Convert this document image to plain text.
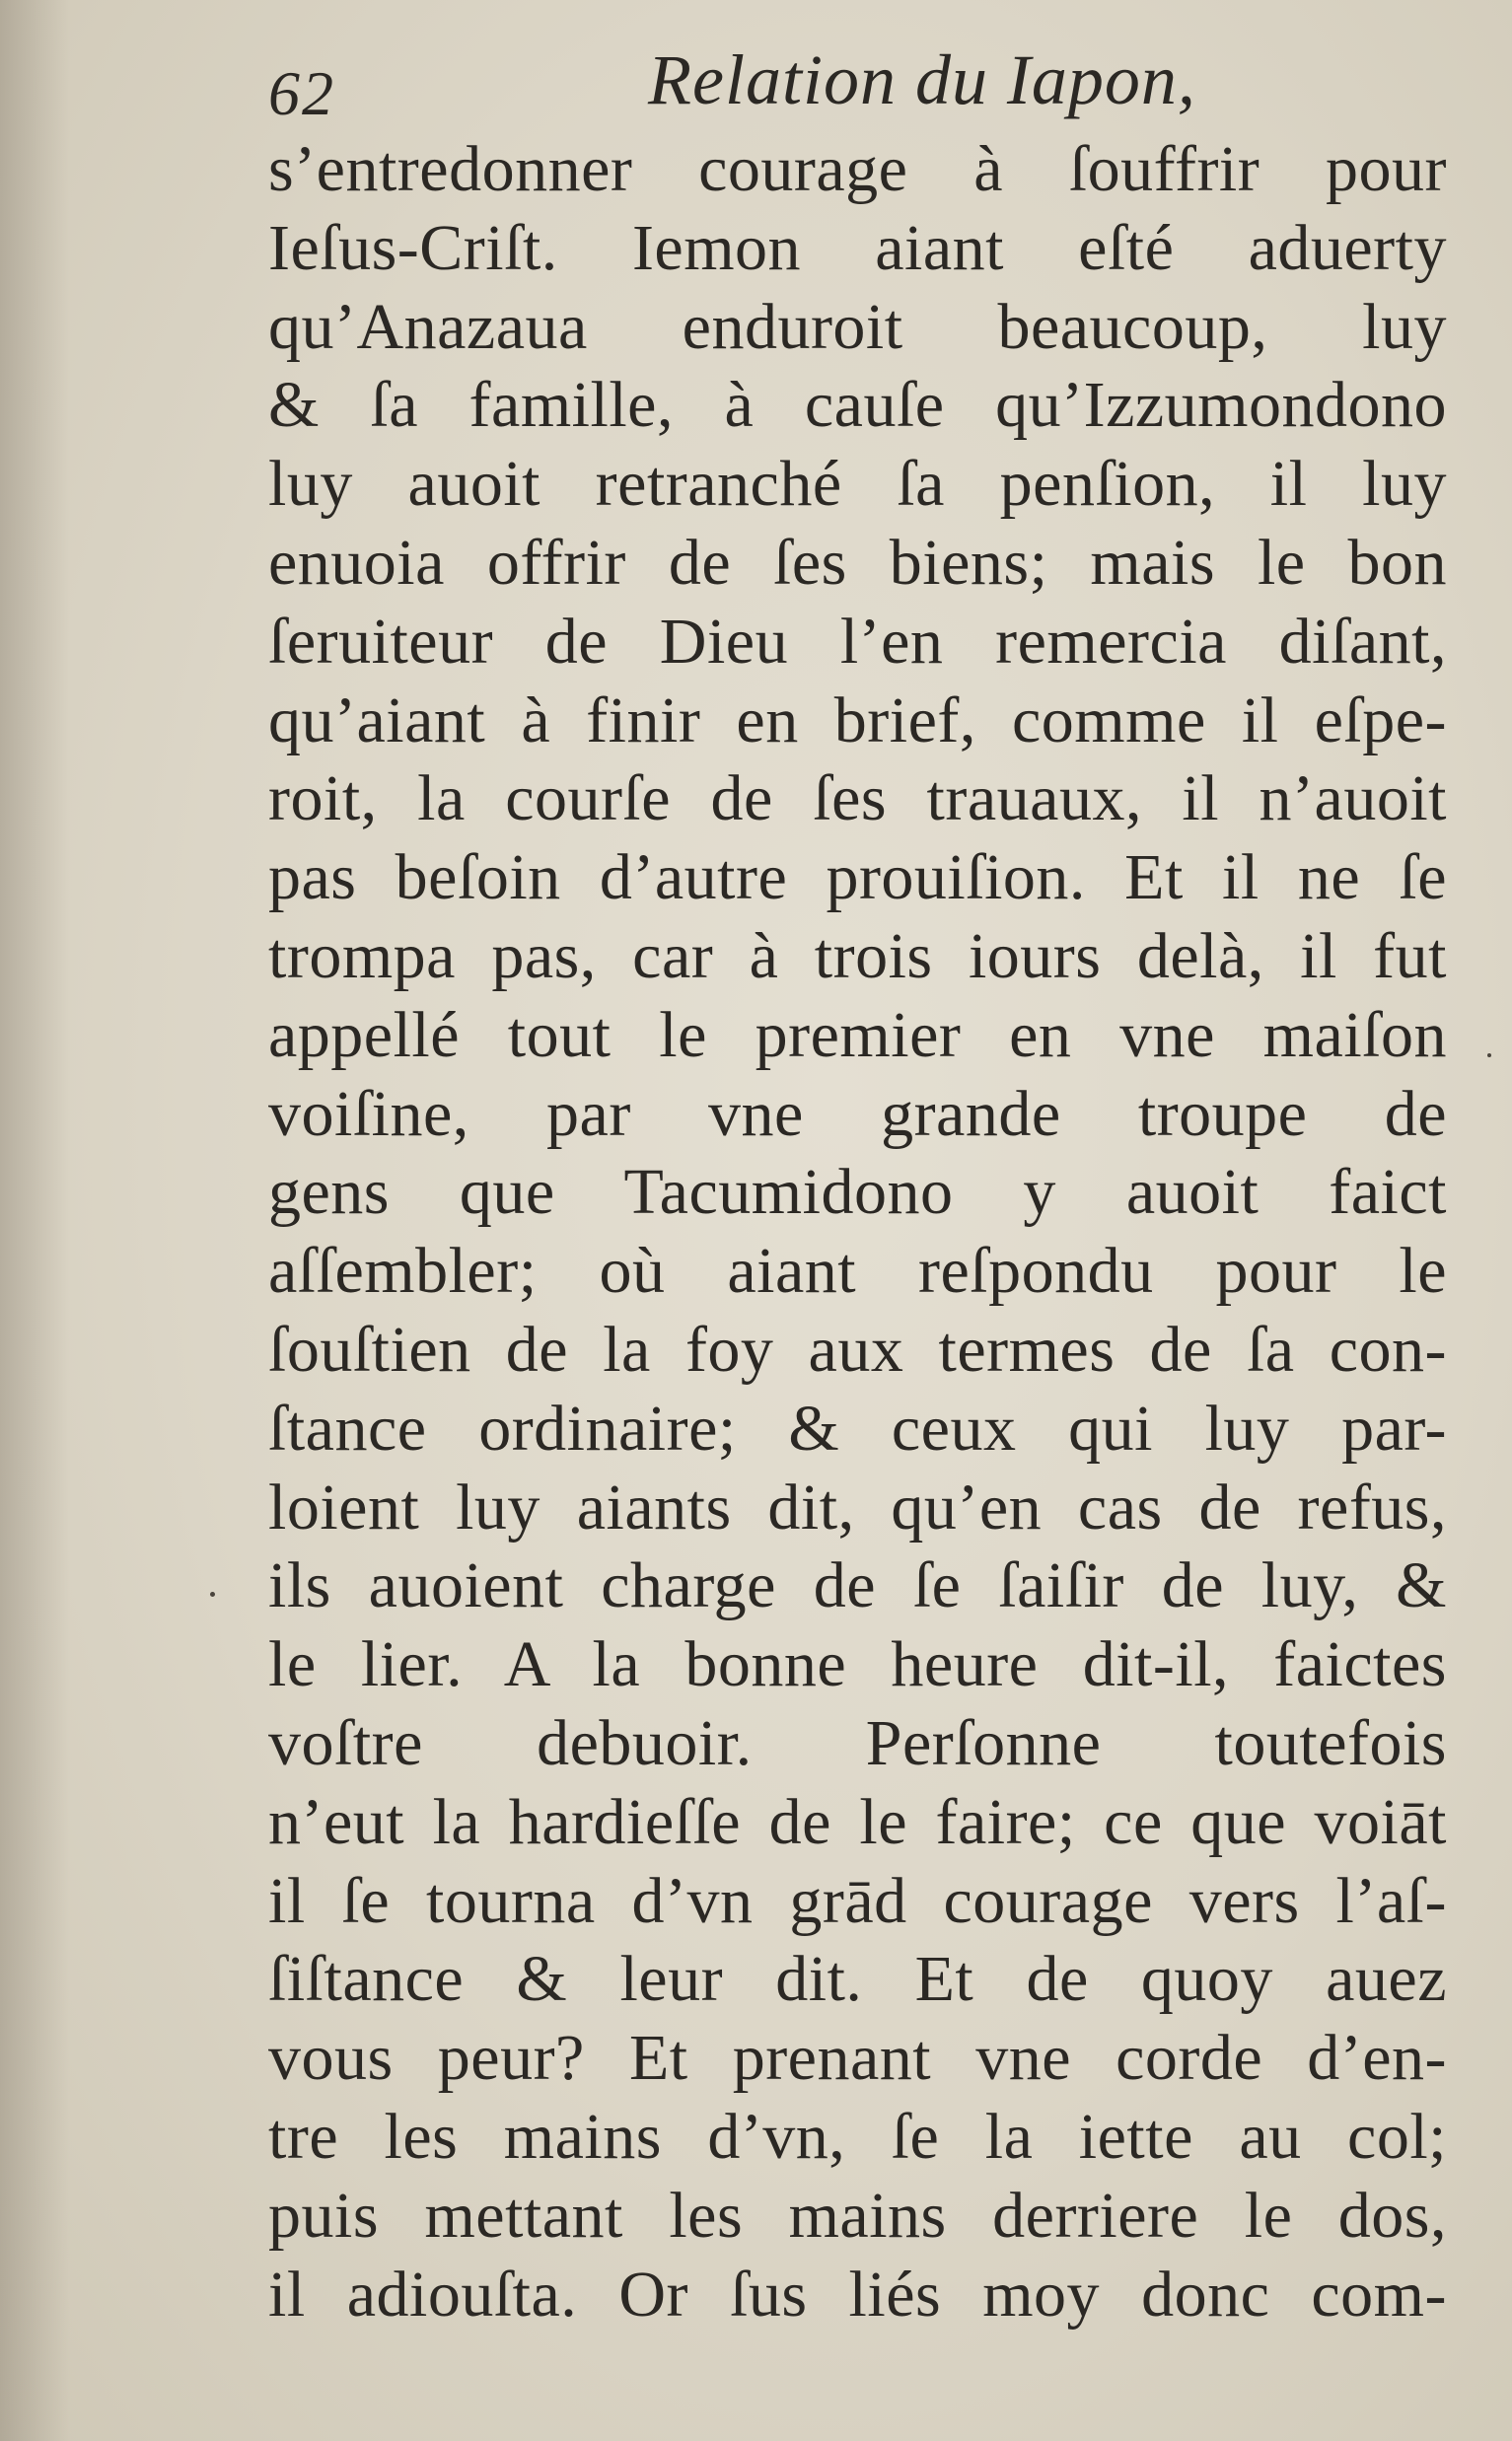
62	Relation du Iapon,
s’entredonner courage à ſouffrir pour
Ieſus-Criſt. Iemon aiant eſté aduerty
qu’Anazaua enduroit beaucoup, luy
& ſa famille, à cauſe qu’Izzumondono
luy auoit retranché ſa penſion, il luy
enuoia offrir de ſes biens; mais le bon
ſeruiteur de Dieu l’en remercia diſant,
qu’aiant à finir en brief, comme il eſpe-
roit, la courſe de ſes trauaux, il n’auoit
pas beſoin d’autre prouiſion. Et il ne ſe
trompa pas, car à trois iours delà, il fut
appellé tout le premier en vne maiſon
voiſine, par vne grande troupe de
gens que Tacumidono y auoit faict
aſſembler; où aiant reſpondu pour le
ſouſtien de la foy aux termes de ſa con-
ſtance ordinaire; & ceux qui luy par-
loient luy aiants dit, qu’en cas de refus,
ils auoient charge de ſe ſaiſir de luy, &
le lier. A la bonne heure dit-il, faictes
voſtre debuoir. Perſonne toutefois
n’eut la hardieſſe de le faire; ce que voiāt
il ſe tourna d’vn grād courage vers l’aſ-
ſiſtance & leur dit. Et de quoy auez
vous peur? Et prenant vne corde d’en-
tre les mains d’vn, ſe la iette au col;
puis mettant les mains derriere le dos,
il adiouſta. Or ſus liés moy donc com-
